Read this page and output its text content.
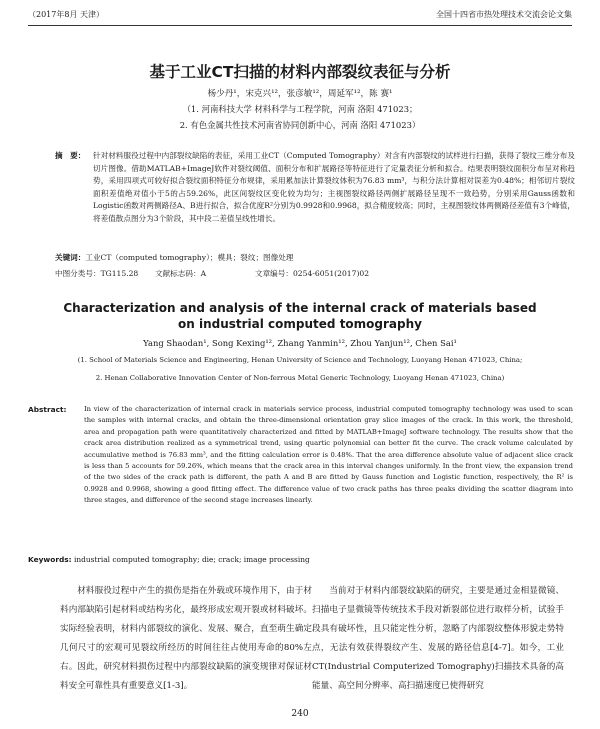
（2017年8月 天津）	全国十四省市热处理技术交流会论文集
基于工业CT扫描的材料内部裂纹表征与分析
杨少丹¹，宋克兴¹²，张彦敏¹²，周延军¹²，陈 赛¹
（1. 河南科技大学 材料科学与工程学院，河南 洛阳 471023；
2. 有色金属共性技术河南省协同创新中心，河南 洛阳 471023）
摘　要： 针对材料服役过程中内部裂纹缺陷的表征，采用工业CT（Computed Tomography）对含有内部裂纹的试样进行扫描，获得了裂纹三维分布及切片图像。借助MATLAB+ImageJ软件对裂纹阈值、面积分布和扩展路径等特征进行了定量表征分析和拟合。结果表明裂纹面积分布呈对称趋势，采用四项式可较好拟合裂纹面积特征分布规律，采用累加法计算裂纹体积为76.83 mm³，与积分法计算相对误差为0.48%；相邻切片裂纹面积差值绝对值小于5的占59.26%，此区间裂纹区变化较为均匀；主视图裂纹路径两侧扩展路径呈现不一致趋势，分别采用Gauss函数和Logistic函数对两侧路径A、B进行拟合，拟合优度R²分别为0.9928和0.9968，拟合精度较高；同时，主视图裂纹体两侧路径差值有3个峰值，将差值散点图分为3个阶段，其中段二差值呈线性增长。
关键词：工业CT（computed tomography）；模具；裂纹；图像处理
中图分类号：TG115.28 文献标志码：A	文章编号：0254-6051(2017)02
Characterization and analysis of the internal crack of materials based on industrial computed tomography
Yang Shaodan¹, Song Kexing¹², Zhang Yanmin¹², Zhou Yanjun¹², Chen Sai¹
(1. School of Materials Science and Engineering, Henan University of Science and Technology, Luoyang Henan 471023, China;
2. Henan Collaborative Innovation Center of Non-ferrous Metal Generic Technology, Luoyang Henan 471023, China)
Abstract:	In view of the characterization of internal crack in materials service process, industrial computed tomography technology was used to scan the samples with internal cracks, and obtain the three-dimensional orientation gray slice images of the crack. In this work, the threshold, area and propagation path were quantitatively characterized and fitted by MATLAB+ImageJ software technology. The results show that the crack area distribution realized as a symmetrical trend, using quartic polynomial can better fit the curve. The crack volume calculated by accumulative method is 76.83 mm³, and the fitting calculation error is 0.48%. That the area difference absolute value of adjacent slice crack is less than 5 accounts for 59.26%, which means that the crack area in this interval changes uniformly. In the front view, the expansion trend of the two sides of the crack path is different, the path A and B are fitted by Gauss function and Logistic function, respectively, the R² is 0.9928 and 0.9968, showing a good fitting effect. The difference value of two crack paths has three peaks dividing the scatter diagram into three stages, and difference of the second stage increases linearly.
Keywords: industrial computed tomography; die; crack; image processing

材料服役过程中产生的损伤是指在外载或环境作用下，由于材料内部缺陷引起材料或结构劣化，最终形成宏观开裂或材料破坏。实际经验表明，材料内部裂纹的演化、发展、聚合，直至萌生确定几何尺寸的宏观可见裂纹所经历的时间往往占使用寿命的80%左右。因此，研究材料损伤过程中内部裂纹缺陷的演变规律对保证材料安全可靠性具有重要意义[1-3]。

当前对于材料内部裂纹缺陷的研究，主要是通过金相显微镜、扫描电子显微镜等传统技术手段对新裂部位进行取样分析，试验手段具有破坏性，且只能定性分析，忽略了内部裂纹整体形貌走势特点，无法有效获得裂纹产生、发展的路径信息[4-7]。如今，工业CT(Industrial Computerized Tomography)扫描技术具备的高能量、高空间分辨率、高扫描速度已使得研究

240
